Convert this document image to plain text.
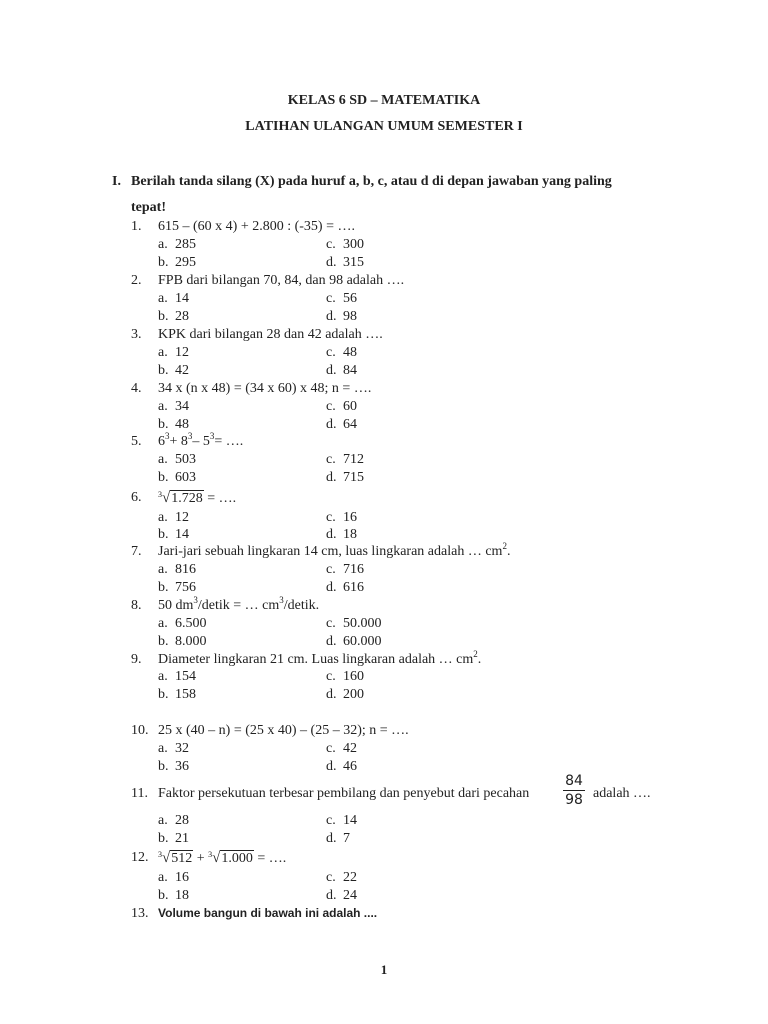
KELAS 6 SD – MATEMATIKA
LATIHAN ULANGAN UMUM SEMESTER I
I. Berilah tanda silang (X) pada huruf a, b, c, atau d di depan jawaban yang paling
tepat!
1. 615 – (60 x 4) + 2.800 : (-35) = ….
a. 285	c. 300
b. 295	d. 315
2. FPB dari bilangan 70, 84, dan 98 adalah ….
a. 14	c. 56
b. 28	d. 98
3. KPK dari bilangan 28 dan 42 adalah ….
a. 12	c. 48
b. 42	d. 84
4. 34 x (n x 48) = (34 x 60) x 48; n = ….
a. 34	c. 60
b. 48	d. 64
5. $6^3+ 8^3-$ $5^3=$ ….
a. 503	c. 712
b. 603	d. 715
6. $^3$√1.728 = ….
a. 12	c. 16
b. 14	d. 18
7. Jari-jari sebuah lingkaran 14 cm, luas lingkaran adalah … $cm^2$.
a. 816	c. 716
b. 756	d. 616
8. 50 $dm^3$/detik = … $cm^3$/detik.
a. 6.500	c. 50.000
b. 8.000	d. 60.000
9. Diameter lingkaran 21 cm. Luas lingkaran adalah … $cm^2$.
a. 154	c. 160
b. 158	d. 200
10. 25 x (40 – n) = (25 x 40) – (25 – 32); n = ….
a. 32	c. 42
b. 36	d. 46
11. Faktor persekutuan terbesar pembilang dan penyebut dari pecahan $\frac{84}{98}$ adalah ….
a. 28	c. 14
b. 21	d. 7
12. $^3$√512 + $^3$√1.000 = ….
a. 16	c. 22
b. 18	d. 24
13. Volume bangun di bawah ini adalah ....
1
